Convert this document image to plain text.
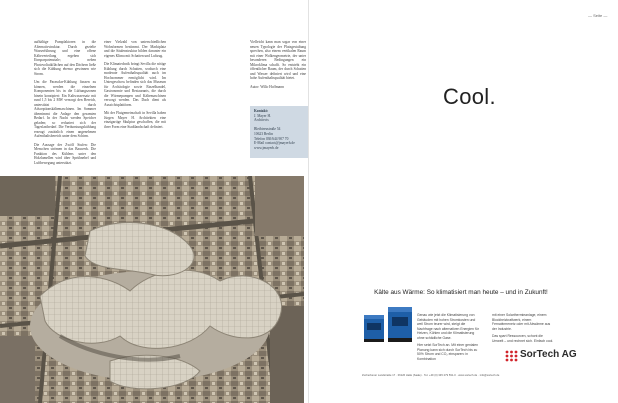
aufhältige Pumpfaktoren in die Alternativstruktur. Durch gezielte Wasserführung und eine offene Kälteverteilung ergeben sich Einsparpotenziale; neben Photovoltaikflächen auf den Dächern ließe sich die Kühlung ebenso gewinnen wie Strom.

Um die Parasolar-Kühlung fiassen zu können, werden die einzelnen Komponenten bis in die Lüftungszonen hinein konzipiert: Ein Kaltwassersatz mit rund 1,5 bis 2 MW versorgt den Bereich, unterstützt durch Adsorptionskältemaschinen. Im Sommer übernimmt die Anlage den gesamten Bedarf. In der Nacht werden Speicher geladen; so reduziert sich der Tageslastbedarf. Die Verdunstungskühlung erzeugt zusätzlich einen angenehmen Aufenthaltsbereich unter dem Schirm.

Die Aussage der Zwölf Stufen: Die Menschen strömen in das Bauwerk. Die Funktion des Kühlens unter den Holzlamellen wird über Sprühnebel und Luftbewegung unterstützt.

einer Vielzahl von unterschiedlichen Wohnformen bestimmt. Der Marktplatz und die Säulenstruktur bilden darunter ein eigenes Klima mit Schatten und Luftzug.

Die Klimatechnik bringt Sevilla die nötige Kühlung durch Schatten, wodurch eine moderate Aufenthaltsqualität auch im Hochsommer ermöglicht wird. Im Untergeschoss befinden sich das Museum für Archäologie sowie Einzelhandel, Gastronomie und Restaurants, die durch die Wärmepumpen und Kältemaschinen versorgt werden. Das Dach dient als Aussichtsplattform.

Mit der Flutgemeinschaft in Sevilla haben Jürgen Mayer H. Architekten eine einzigartige Skulptur geschaffen, die mit ihrer Form eine Stadtlandschaft definiert.

Vielleicht kann man sogar von einer neuen Typologie der Platzgestaltung sprechen, also einem vertikalen Raum mit einer Wolkengeometrie, der unter besonderen Bedingungen ein Mikroklima schafft. So entsteht ein öffentlicher Raum, der durch Schatten und Wasser definiert wird und eine hohe Aufenthaltsqualität bietet.

Autor: Willo Hoffmann

Kontakt:
J. Mayer H.
Architects
Bleibtreustraße 54
10623 Berlin
Telefon 030/644 907 70
E-Mail contact@jmayerh.de
www.jmayerh.de
— Seite —
Cool.
Kälte aus Wärme: So klimatisiert man heute – und in Zukunft!
Genau wie jetzt die Klimatisierung von Gebäuden mit hohen Stromkosten und weil Strom teurer wird, steigt die Nachfrage nach alternativen Energien für Heizen, Kühlen und die Klimatisierung ohne schädliche Gase.
Hier setzt SorTech an. Mit einer genialen Planung kann sich durch SorTech bis zu 50% Strom und CO₂ einsparen: in Kombination
mit einer Solarthermieanlage, einem Blockheizkraftwerk, einem Fernwärmenetz oder mit Abwärme aus der Industrie.
Das spart Ressourcen, schont die Umwelt – und rechnet sich. Einfach cool.
SorTech AG
Zscherbener Landstraße 17 · 06126 Halle (Saale) · Tel. +49 (0) 345 279 591-0 · www.sortech.de · info@sortech.de
